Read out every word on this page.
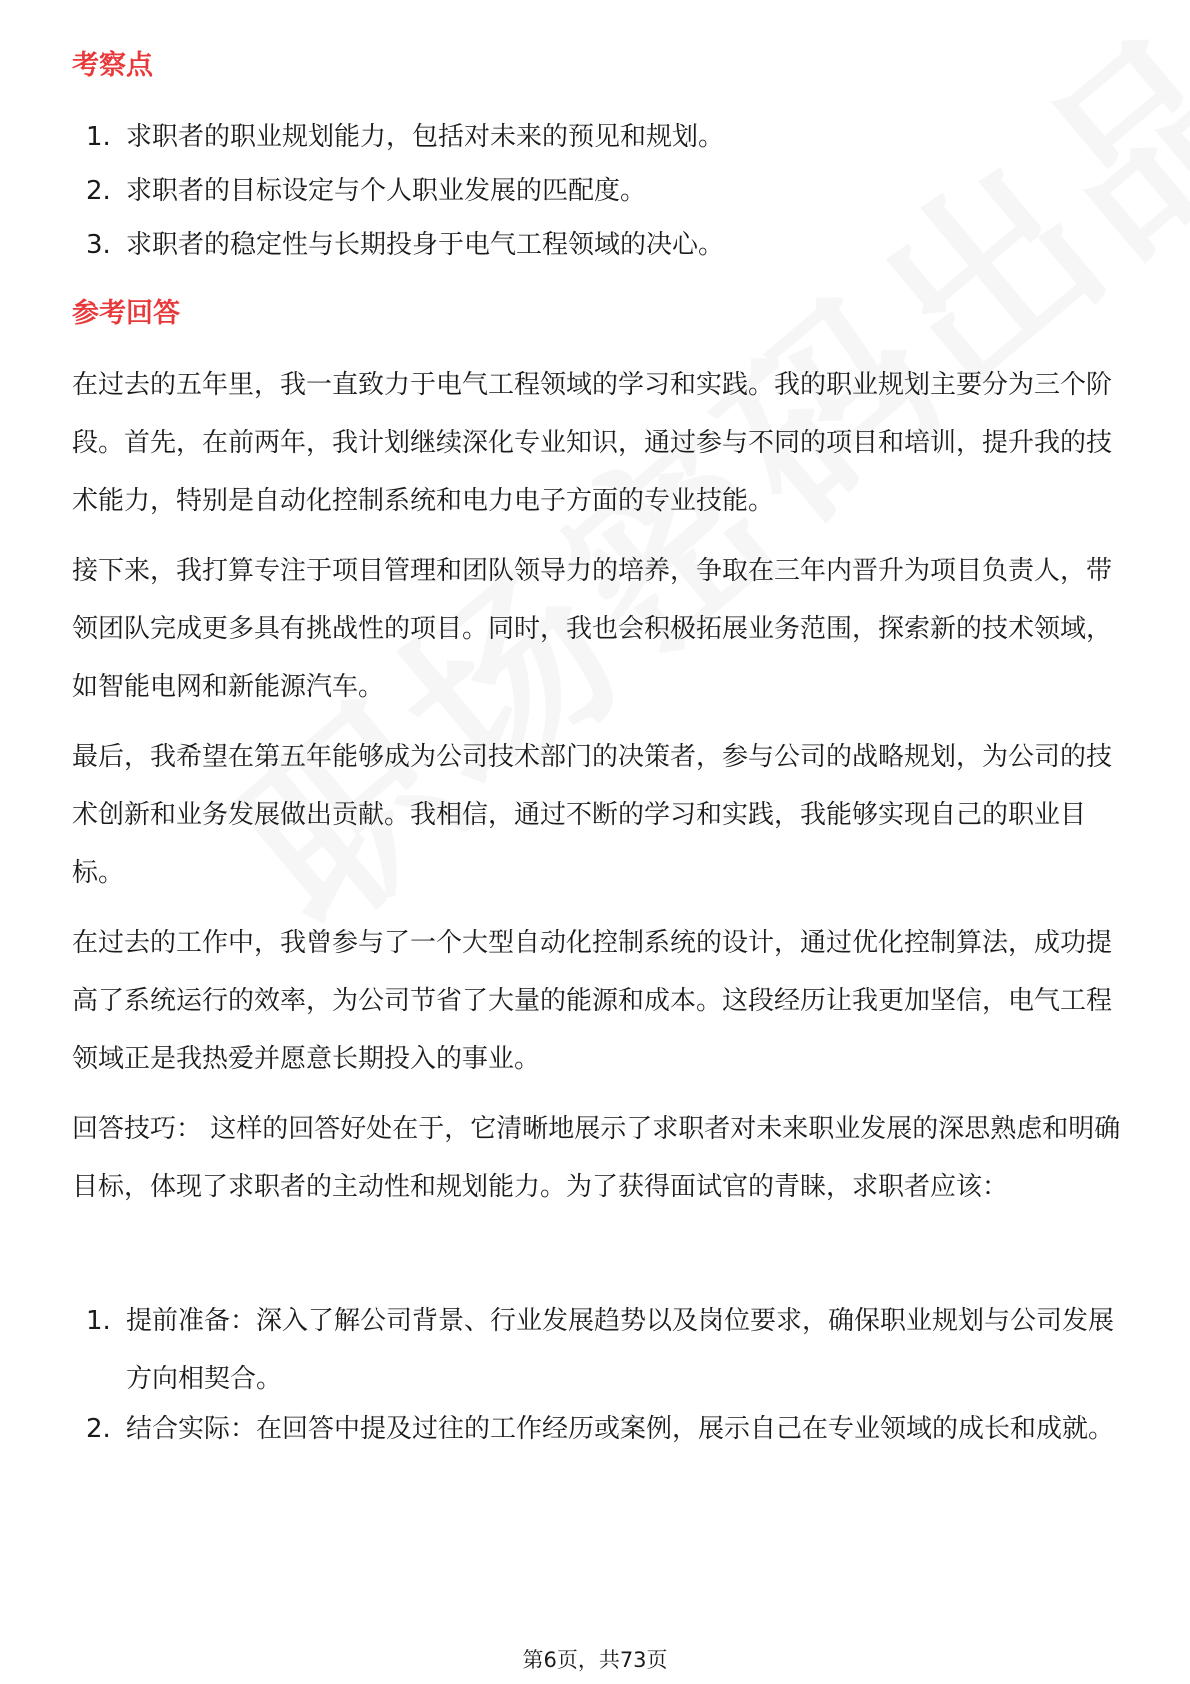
考察点
1. 求职者的职业规划能力，包括对未来的预见和规划。
2. 求职者的目标设定与个人职业发展的匹配度。
3. 求职者的稳定性与长期投身于电气工程领域的决心。
参考回答
在过去的五年里，我一直致力于电气工程领域的学习和实践。我的职业规划主要分为三个阶段。首先，在前两年，我计划继续深化专业知识，通过参与不同的项目和培训，提升我的技术能力，特别是自动化控制系统和电力电子方面的专业技能。
接下来，我打算专注于项目管理和团队领导力的培养，争取在三年内晋升为项目负责人，带领团队完成更多具有挑战性的项目。同时，我也会积极拓展业务范围，探索新的技术领域，如智能电网和新能源汽车。
最后，我希望在第五年能够成为公司技术部门的决策者，参与公司的战略规划，为公司的技术创新和业务发展做出贡献。我相信，通过不断的学习和实践，我能够实现自己的职业目标。
在过去的工作中，我曾参与了一个大型自动化控制系统的设计，通过优化控制算法，成功提高了系统运行的效率，为公司节省了大量的能源和成本。这段经历让我更加坚信，电气工程领域正是我热爱并愿意长期投入的事业。
回答技巧： 这样的回答好处在于，它清晰地展示了求职者对未来职业发展的深思熟虑和明确目标，体现了求职者的主动性和规划能力。为了获得面试官的青睐，求职者应该：
1. 提前准备：深入了解公司背景、行业发展趋势以及岗位要求，确保职业规划与公司发展方向相契合。
2. 结合实际：在回答中提及过往的工作经历或案例，展示自己在专业领域的成长和成就。
第6页，共73页
